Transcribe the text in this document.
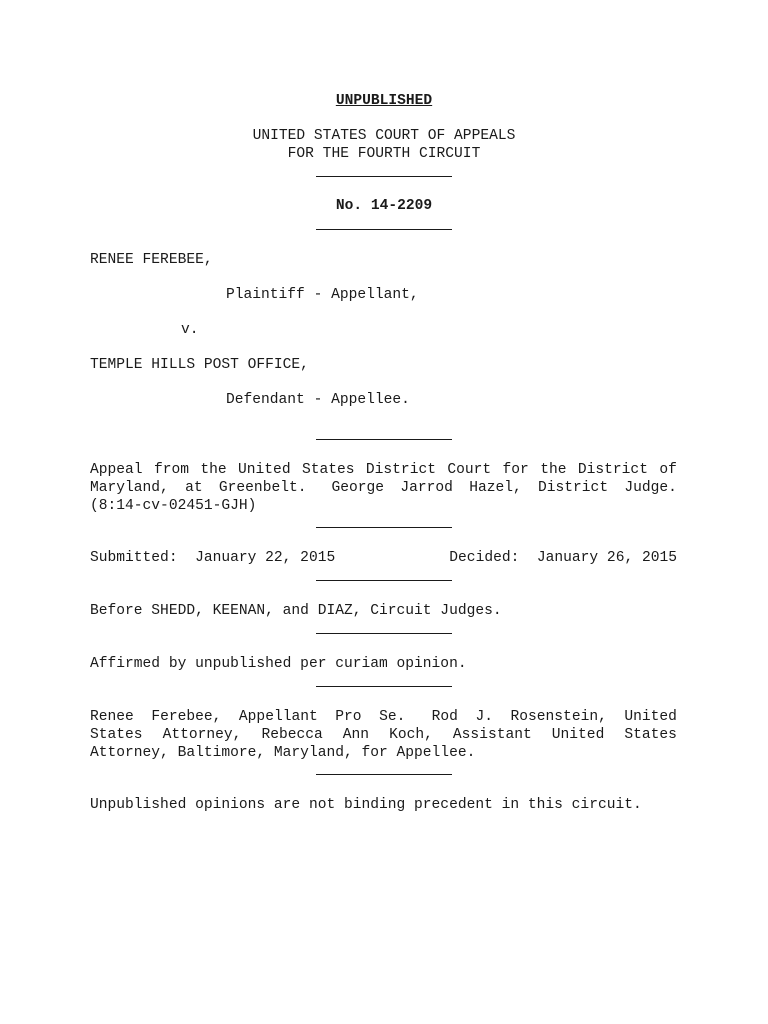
UNPUBLISHED
UNITED STATES COURT OF APPEALS
FOR THE FOURTH CIRCUIT
No. 14-2209
RENEE FEREBEE,
Plaintiff - Appellant,
v.
TEMPLE HILLS POST OFFICE,
Defendant - Appellee.
Appeal from the United States District Court for the District of
Maryland, at Greenbelt. George Jarrod Hazel, District Judge.
(8:14-cv-02451-GJH)
Submitted:  January 22, 2015	Decided:  January 26, 2015
Before SHEDD, KEENAN, and DIAZ, Circuit Judges.
Affirmed by unpublished per curiam opinion.
Renee Ferebee, Appellant Pro Se. Rod J. Rosenstein, United
States Attorney, Rebecca Ann Koch, Assistant United States
Attorney, Baltimore, Maryland, for Appellee.
Unpublished opinions are not binding precedent in this circuit.
